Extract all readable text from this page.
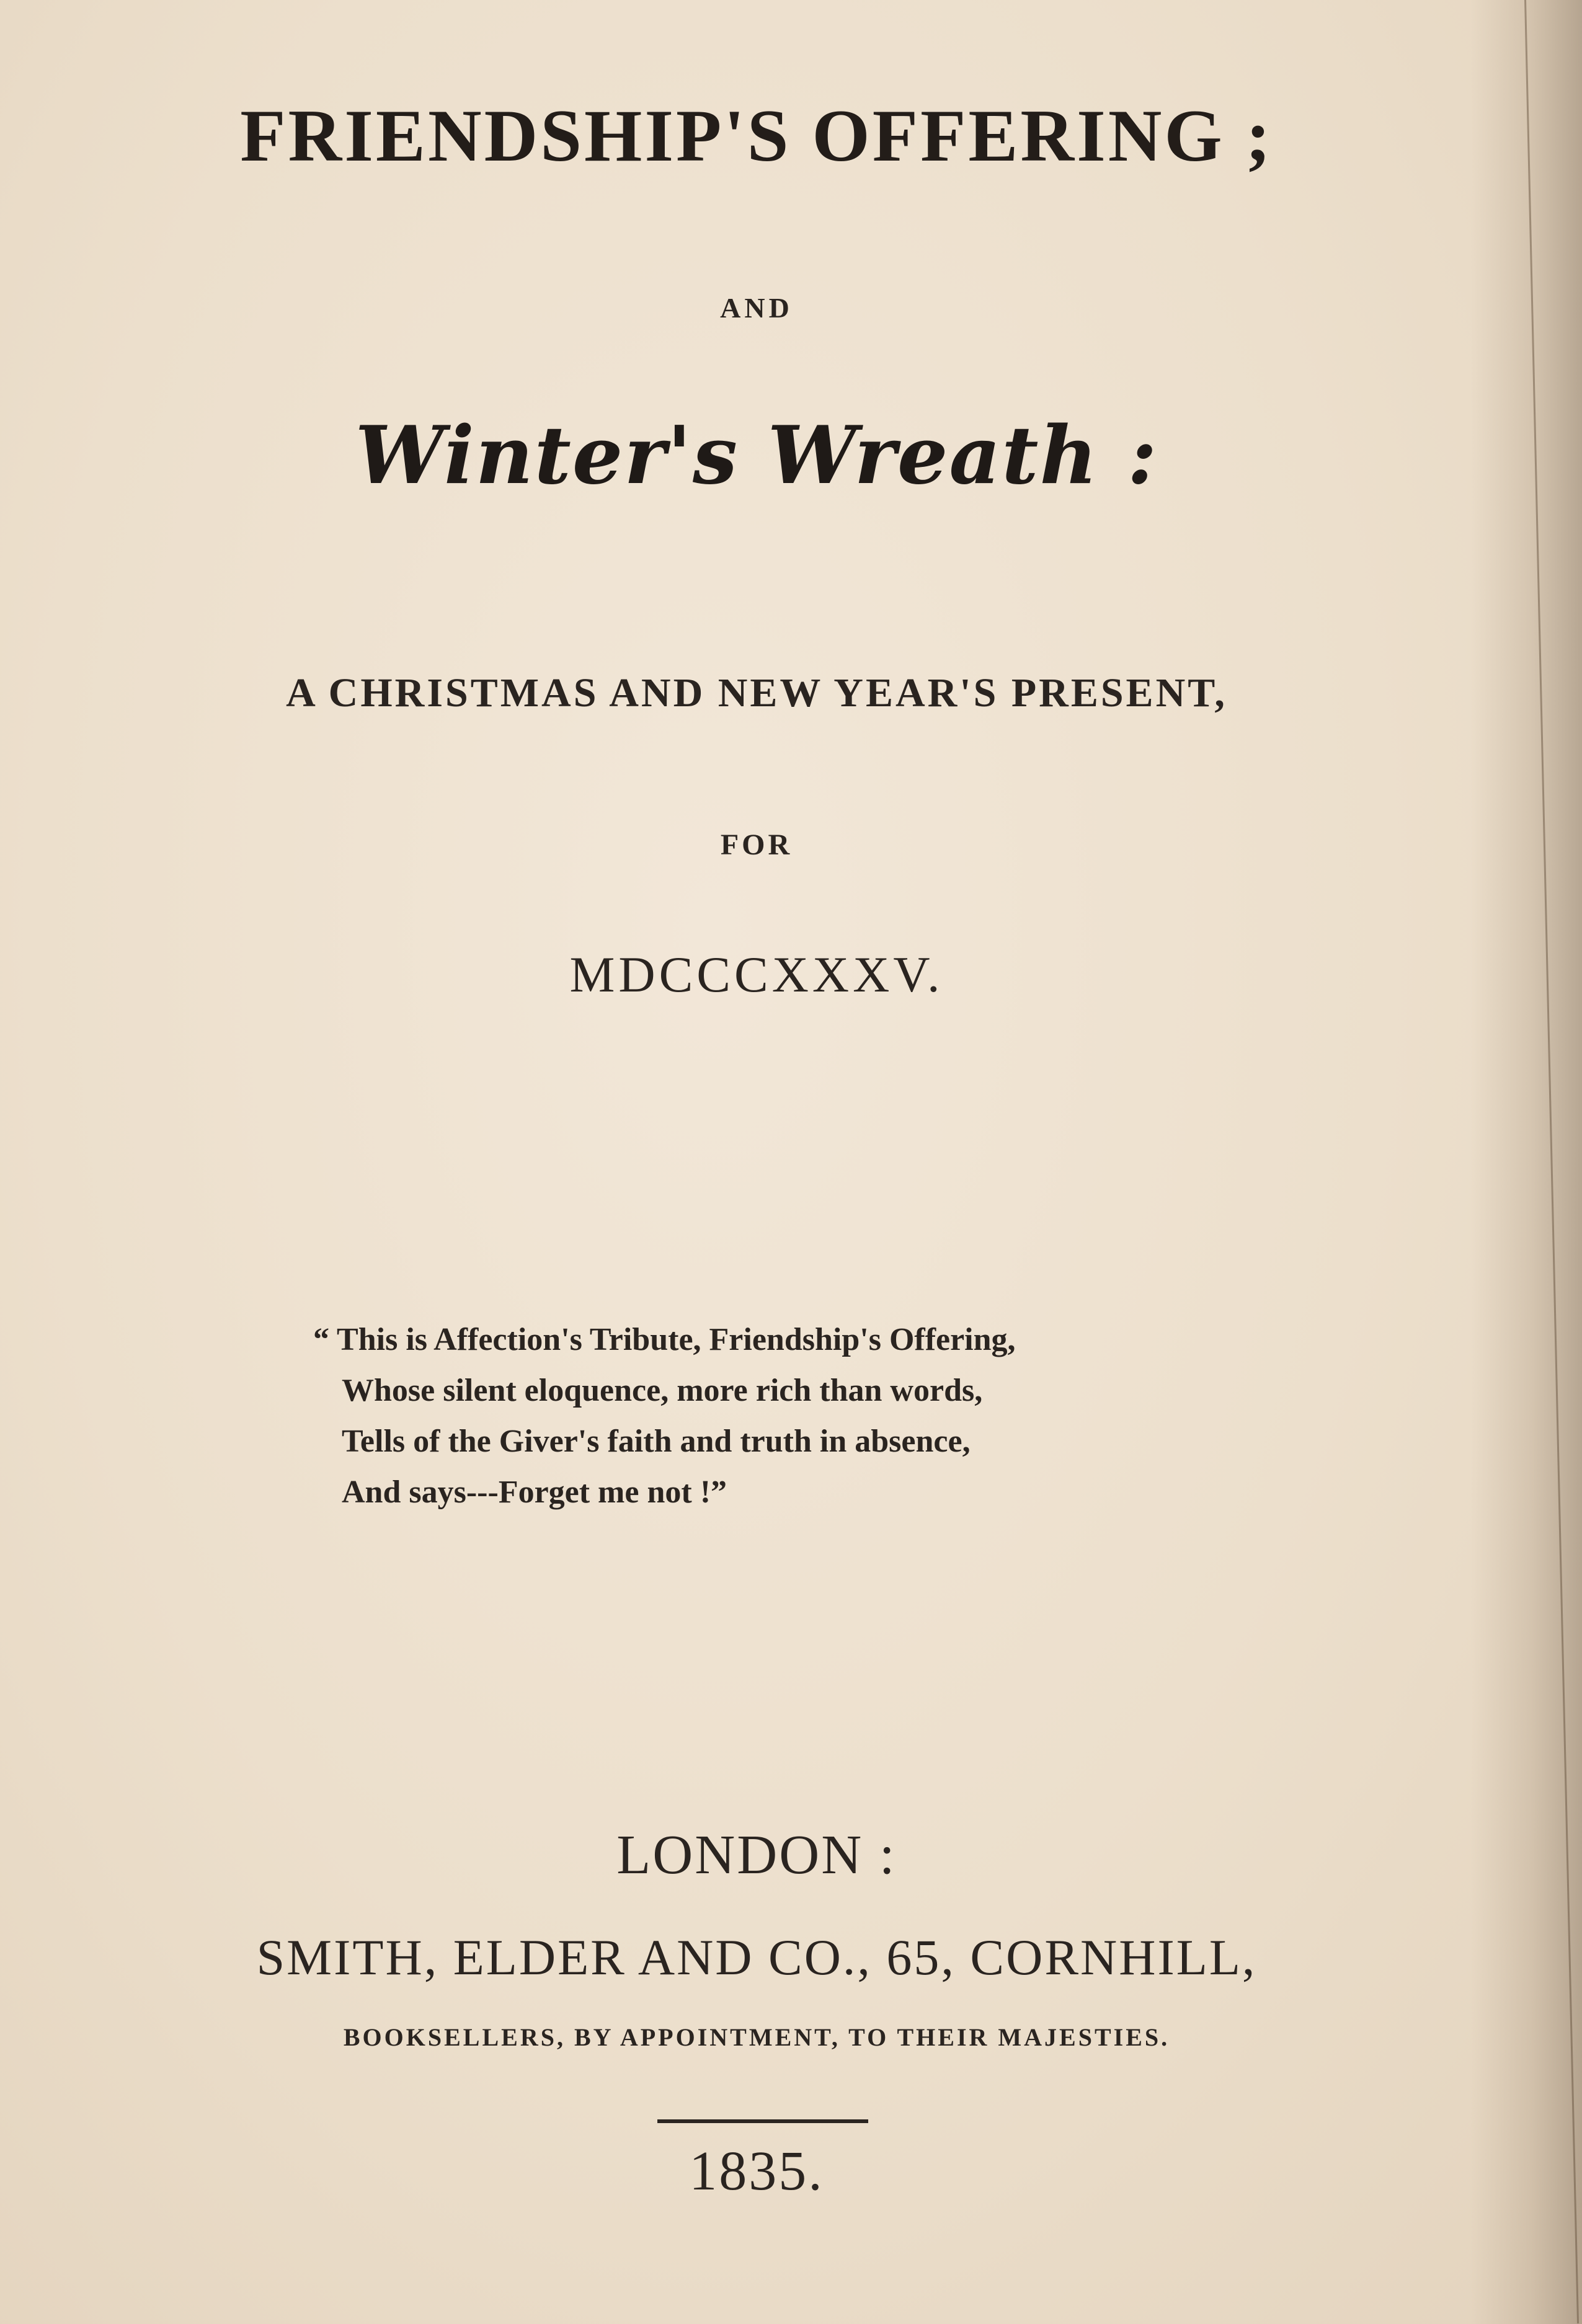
FRIENDSHIP'S OFFERING ;
AND
Winter's Wreath :
A CHRISTMAS AND NEW YEAR'S PRESENT,
FOR
MDCCCXXXV.
“ This is Affection's Tribute, Friendship's Offering,
Whose silent eloquence, more rich than words,
Tells of the Giver's faith and truth in absence,
And says---Forget me not !”
LONDON :
SMITH, ELDER AND CO., 65, CORNHILL,
BOOKSELLERS, BY APPOINTMENT, TO THEIR MAJESTIES.
1835.
